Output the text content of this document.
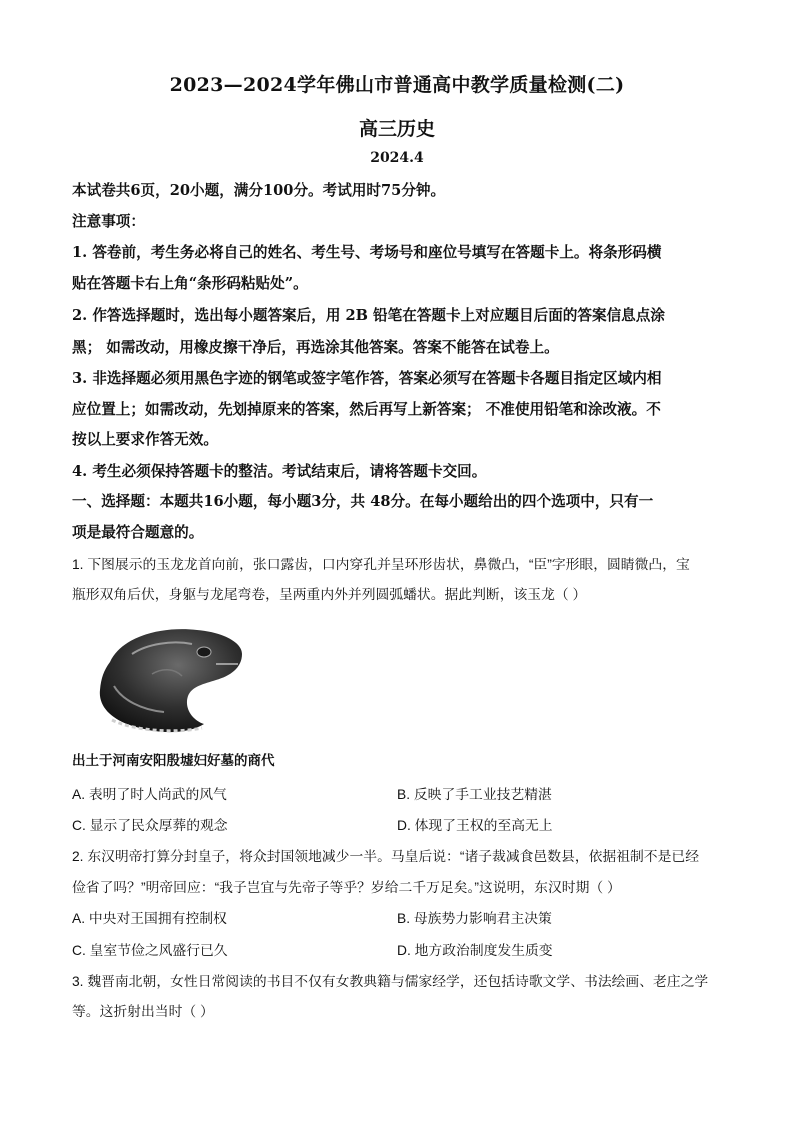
2023—2024学年佛山市普通高中教学质量检测(二)
高三历史
2024.4
本试卷共6页，20小题，满分100分。考试用时75分钟。
注意事项：
1. 答卷前，考生务必将自己的姓名、考生号、考场号和座位号填写在答题卡上。将条形码横
贴在答题卡右上角“条形码粘贴处”。
2. 作答选择题时，选出每小题答案后，用 2B 铅笔在答题卡上对应题目后面的答案信息点涂
黑； 如需改动，用橡皮擦干净后，再选涂其他答案。答案不能答在试卷上。
3. 非选择题必须用黑色字迹的钢笔或签字笔作答，答案必须写在答题卡各题目指定区域内相
应位置上；如需改动，先划掉原来的答案，然后再写上新答案； 不准使用铅笔和涂改液。不
按以上要求作答无效。
4. 考生必须保持答题卡的整洁。考试结束后，请将答题卡交回。
一、选择题：本题共16小题，每小题3分，共 48分。在每小题给出的四个选项中，只有一
项是最符合题意的。
1. 下图展示的玉龙龙首向前，张口露齿，口内穿孔并呈环形齿状，鼻微凸，“臣”字形眼，圆睛微凸，宝
瓶形双角后伏，身躯与龙尾弯卷，呈两重内外并列圆弧蟠状。据此判断，该玉龙（ ）
出土于河南安阳殷墟妇好墓的商代
A. 表明了时人尚武的风气	B. 反映了手工业技艺精湛
C. 显示了民众厚葬的观念	D. 体现了王权的至高无上
2. 东汉明帝打算分封皇子，将众封国领地减少一半。马皇后说：“诸子裁减食邑数县，依据祖制不是已经
俭省了吗？”明帝回应：“我子岂宜与先帝子等乎？岁给二千万足矣。”这说明，东汉时期（ ）
A. 中央对王国拥有控制权	B. 母族势力影响君主决策
C. 皇室节俭之风盛行已久	D. 地方政治制度发生质变
3. 魏晋南北朝，女性日常阅读的书目不仅有女教典籍与儒家经学，还包括诗歌文学、书法绘画、老庄之学
等。这折射出当时（ ）
